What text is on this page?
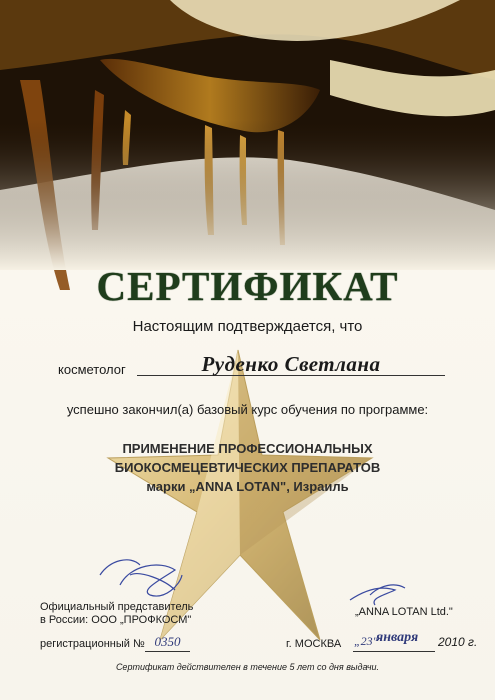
СЕРТИФИКАТ
Настоящим подтверждается, что
косметолог	Руденко Светлана
успешно закончил(а) базовый курс обучения по программе:
ПРИМЕНЕНИЕ ПРОФЕССИОНАЛЬНЫХ
БИОКОСМЕЦЕВТИЧЕСКИХ ПРЕПАРАТОВ
марки „ANNA LOTAN", Израиль
Официальный представитель
в России: ООО „ПРОФКОСМ"
„ANNA LOTAN Ltd."
регистрационный № 0350	г. МОСКВА „23"
января 2010 г.
Сертификат действителен в течение 5 лет со дня выдачи.
